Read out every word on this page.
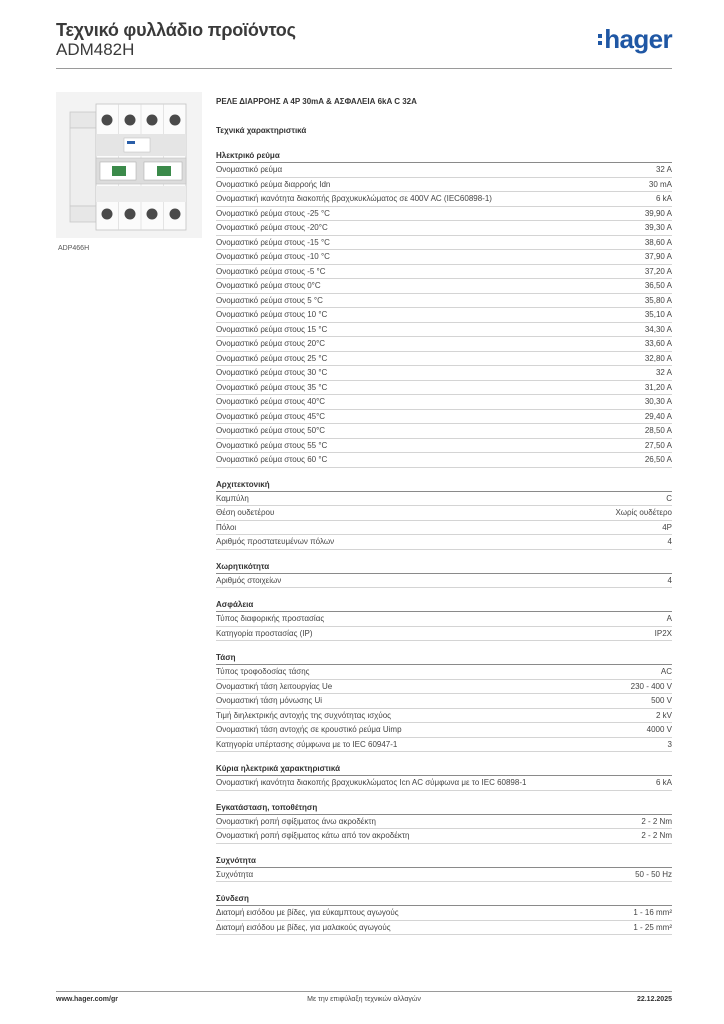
Τεχνικό φυλλάδιο προϊόντος
ADM482H	hager
ADP466H
ΡΕΛΕ ΔΙΑΡΡΟΗΣ A 4P 30mA & ΑΣΦΑΛΕΙΑ 6kA C 32A
Τεχνικά χαρακτηριστικά
Ηλεκτρικό ρεύμα
Ονομαστικό ρεύμα	32 A
Ονομαστικό ρεύμα διαρροής Idn	30 mA
Ονομαστική ικανότητα διακοπής βραχυκυκλώματος σε 400V AC (IEC60898-1)	6 kA
Ονομαστικό ρεύμα στους -25 °C	39,90 A
Ονομαστικό ρεύμα στους -20°C	39,30 A
Ονομαστικό ρεύμα στους -15 °C	38,60 A
Ονομαστικό ρεύμα στους -10 °C	37,90 A
Ονομαστικό ρεύμα στους -5 °C	37,20 A
Ονομαστικό ρεύμα στους 0°C	36,50 A
Ονομαστικό ρεύμα στους 5 °C	35,80 A
Ονομαστικό ρεύμα στους 10 °C	35,10 A
Ονομαστικό ρεύμα στους 15 °C	34,30 A
Ονομαστικό ρεύμα στους 20°C	33,60 A
Ονομαστικό ρεύμα στους 25 °C	32,80 A
Ονομαστικό ρεύμα στους 30 °C	32 A
Ονομαστικό ρεύμα στους 35 °C	31,20 A
Ονομαστικό ρεύμα στους 40°C	30,30 A
Ονομαστικό ρεύμα στους 45°C	29,40 A
Ονομαστικό ρεύμα στους 50°C	28,50 A
Ονομαστικό ρεύμα στους 55 °C	27,50 A
Ονομαστικό ρεύμα στους 60 °C	26,50 A
Αρχιτεκτονική
Καμπύλη	C
Θέση ουδετέρου	Χωρίς ουδέτερο
Πόλοι	4P
Αριθμός προστατευμένων πόλων	4
Χωρητικότητα
Αριθμός στοιχείων	4
Ασφάλεια
Τύπος διαφορικής προστασίας	A
Κατηγορία προστασίας (IP)	IP2X
Τάση
Τύπος τροφοδοσίας τάσης	AC
Ονομαστική τάση λειτουργίας Ue	230 - 400 V
Ονομαστική τάση μόνωσης Ui	500 V
Τιμή διηλεκτρικής αντοχής της συχνότητας ισχύος	2 kV
Ονομαστική τάση αντοχής σε κρουστικό ρεύμα Uimp	4000 V
Κατηγορία υπέρτασης σύμφωνα με το IEC 60947-1	3
Κύρια ηλεκτρικά χαρακτηριστικά
Ονομαστική ικανότητα διακοπής βραχυκυκλώματος Icn AC σύμφωνα με το IEC 60898-1	6 kA
Εγκατάσταση, τοποθέτηση
Ονομαστική ροπή σφίξιματος άνω ακροδέκτη	2 - 2 Nm
Ονομαστική ροπή σφίξιματος κάτω από τον ακροδέκτη	2 - 2 Nm
Συχνότητα
Συχνότητα	50 - 50 Hz
Σύνδεση
Διατομή εισόδου με βίδες, για εύκαμπτους αγωγούς	1 - 16 mm²
Διατομή εισόδου με βίδες, για μαλακούς αγωγούς	1 - 25 mm²
www.hager.com/gr	Με την επιφύλαξη τεχνικών αλλαγών	22.12.2025
